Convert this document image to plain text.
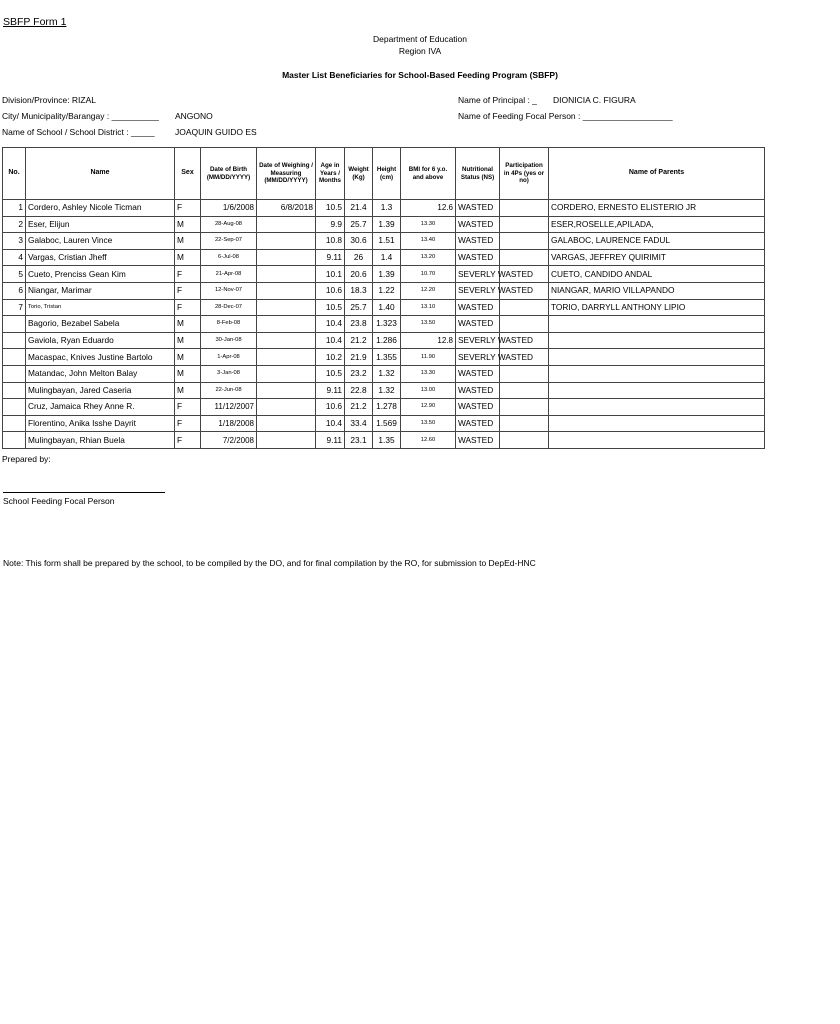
SBFP Form 1
Department of Education
Region IVA
Master List Beneficiaries for School-Based Feeding Program (SBFP)
Division/Province: RIZAL
City/ Municipality/Barangay : __________ ANGONO
Name of School / School District : _____ JOAQUIN GUIDO ES
Name of Principal : _ DIONICIA C. FIGURA
Name of Feeding Focal Person : ___________________
No.	Name	Sex	Date of Birth (MM/DD/YYYY)	Date of Weighing / Measuring (MM/DD/YYYY)	Age in Years / Months	Weight (Kg)	Height (cm)	BMI for 6 y.o. and above	Nutritional Status (NS)	Participation in 4Ps (yes or no)	Name of Parents
1	Cordero, Ashley Nicole Ticman	F	1/6/2008	6/8/2018	10.5	21.4	1.3	12.6	WASTED		CORDERO, ERNESTO ELISTERIO JR
2	Eser, Elijun	M	28-Aug-08		9.9	25.7	1.39	13.30	WASTED		ESER,ROSELLE,APILADA,
3	Galaboc, Lauren Vince	M	22-Sep-07		10.8	30.6	1.51	13.40	WASTED		GALABOC, LAURENCE FADUL
4	Vargas, Cristian Jheff	M	6-Jul-08		9.11	26	1.4	13.20	WASTED		VARGAS, JEFFREY QUIRIMIT
5	Cueto, Prenciss Gean Kim	F	21-Apr-08		10.1	20.6	1.39	10.70	SEVERLY WASTED		CUETO, CANDIDO ANDAL
6	Niangar, Marimar	F	12-Nov-07		10.6	18.3	1.22	12.20	SEVERLY WASTED		NIANGAR, MARIO VILLAPANDO
7	Torio, Tristan	F	28-Dec-07		10.5	25.7	1.40	13.10	WASTED		TORIO, DARRYLL ANTHONY LIPIO
	Bagorio, Bezabel Sabela	M	8-Feb-08		10.4	23.8	1.323	13.50	WASTED		
	Gaviola, Ryan Eduardo	M	30-Jan-08		10.4	21.2	1.286	12.8	SEVERLY WASTED		
	Macaspac, Knives Justine Bartolo	M	1-Apr-08		10.2	21.9	1.355	11.90	SEVERLY WASTED		
	Matandac, John Melton Balay	M	3-Jan-08		10.5	23.2	1.32	13.30	WASTED		
	Mulingbayan, Jared Caseria	M	22-Jun-08		9.11	22.8	1.32	13.00	WASTED		
	Cruz, Jamaica Rhey Anne R.	F	11/12/2007		10.6	21.2	1.278	12.90	WASTED		
	Florentino, Anika Isshe Dayrit	F	1/18/2008		10.4	33.4	1.569	13.50	WASTED		
	Mulingbayan, Rhian Buela	F	7/2/2008		9.11	23.1	1.35	12.60	WASTED		
Prepared by:
School Feeding Focal Person
Note: This form shall be prepared by the school, to be compiled by the DO, and for final compilation by the RO, for submission to DepEd-HNC
